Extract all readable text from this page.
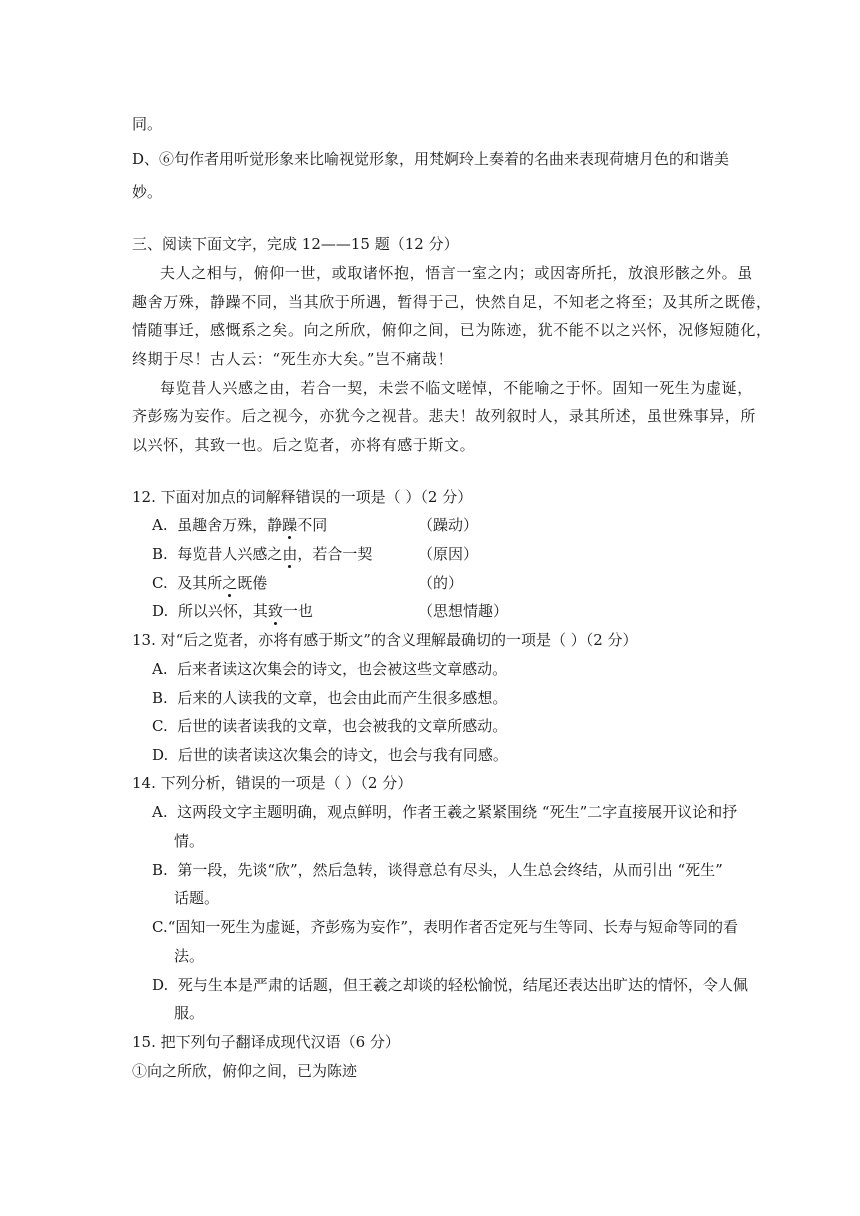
同。
D、⑥句作者用听觉形象来比喻视觉形象，用梵婀玲上奏着的名曲来表现荷塘月色的和谐美
妙。
三、阅读下面文字，完成 12——15 题（12 分）
夫人之相与，俯仰一世，或取诸怀抱，悟言一室之内；或因寄所托，放浪形骸之外。虽
趣舍万殊，静躁不同，当其欣于所遇，暂得于己，快然自足，不知老之将至；及其所之既倦，
情随事迁，感慨系之矣。向之所欣，俯仰之间，已为陈迹，犹不能不以之兴怀，况修短随化，
终期于尽！古人云：“死生亦大矣。”岂不痛哉！
每览昔人兴感之由，若合一契，未尝不临文嗟悼，不能喻之于怀。固知一死生为虚诞，
齐彭殇为妄作。后之视今，亦犹今之视昔。悲夫！故列叙时人，录其所述，虽世殊事异，所
以兴怀，其致一也。后之览者，亦将有感于斯文。
12. 下面对加点的词解释错误的一项是（ ）（2 分）
A. 虽趣舍万殊，静躁不同	（躁动）
B. 每览昔人兴感之由，若合一契	（原因）
C. 及其所之既倦	（的）
D. 所以兴怀，其致一也	（思想情趣）
13. 对“后之览者，亦将有感于斯文”的含义理解最确切的一项是（ ）（2 分）
A. 后来者读这次集会的诗文，也会被这些文章感动。
B. 后来的人读我的文章，也会由此而产生很多感想。
C. 后世的读者读我的文章，也会被我的文章所感动。
D. 后世的读者读这次集会的诗文，也会与我有同感。
14. 下列分析，错误的一项是（ ）（2 分）
A. 这两段文字主题明确，观点鲜明，作者王羲之紧紧围绕 “死生”二字直接展开议论和抒
情。
B. 第一段，先谈“欣”，然后急转，谈得意总有尽头，人生总会终结，从而引出 “死生”
话题。
C.“固知一死生为虚诞，齐彭殇为妄作”，表明作者否定死与生等同、长寿与短命等同的看
法。
D. 死与生本是严肃的话题，但王羲之却谈的轻松愉悦，结尾还表达出旷达的情怀，令人佩
服。
15. 把下列句子翻译成现代汉语（6 分）
①向之所欣，俯仰之间，已为陈迹
